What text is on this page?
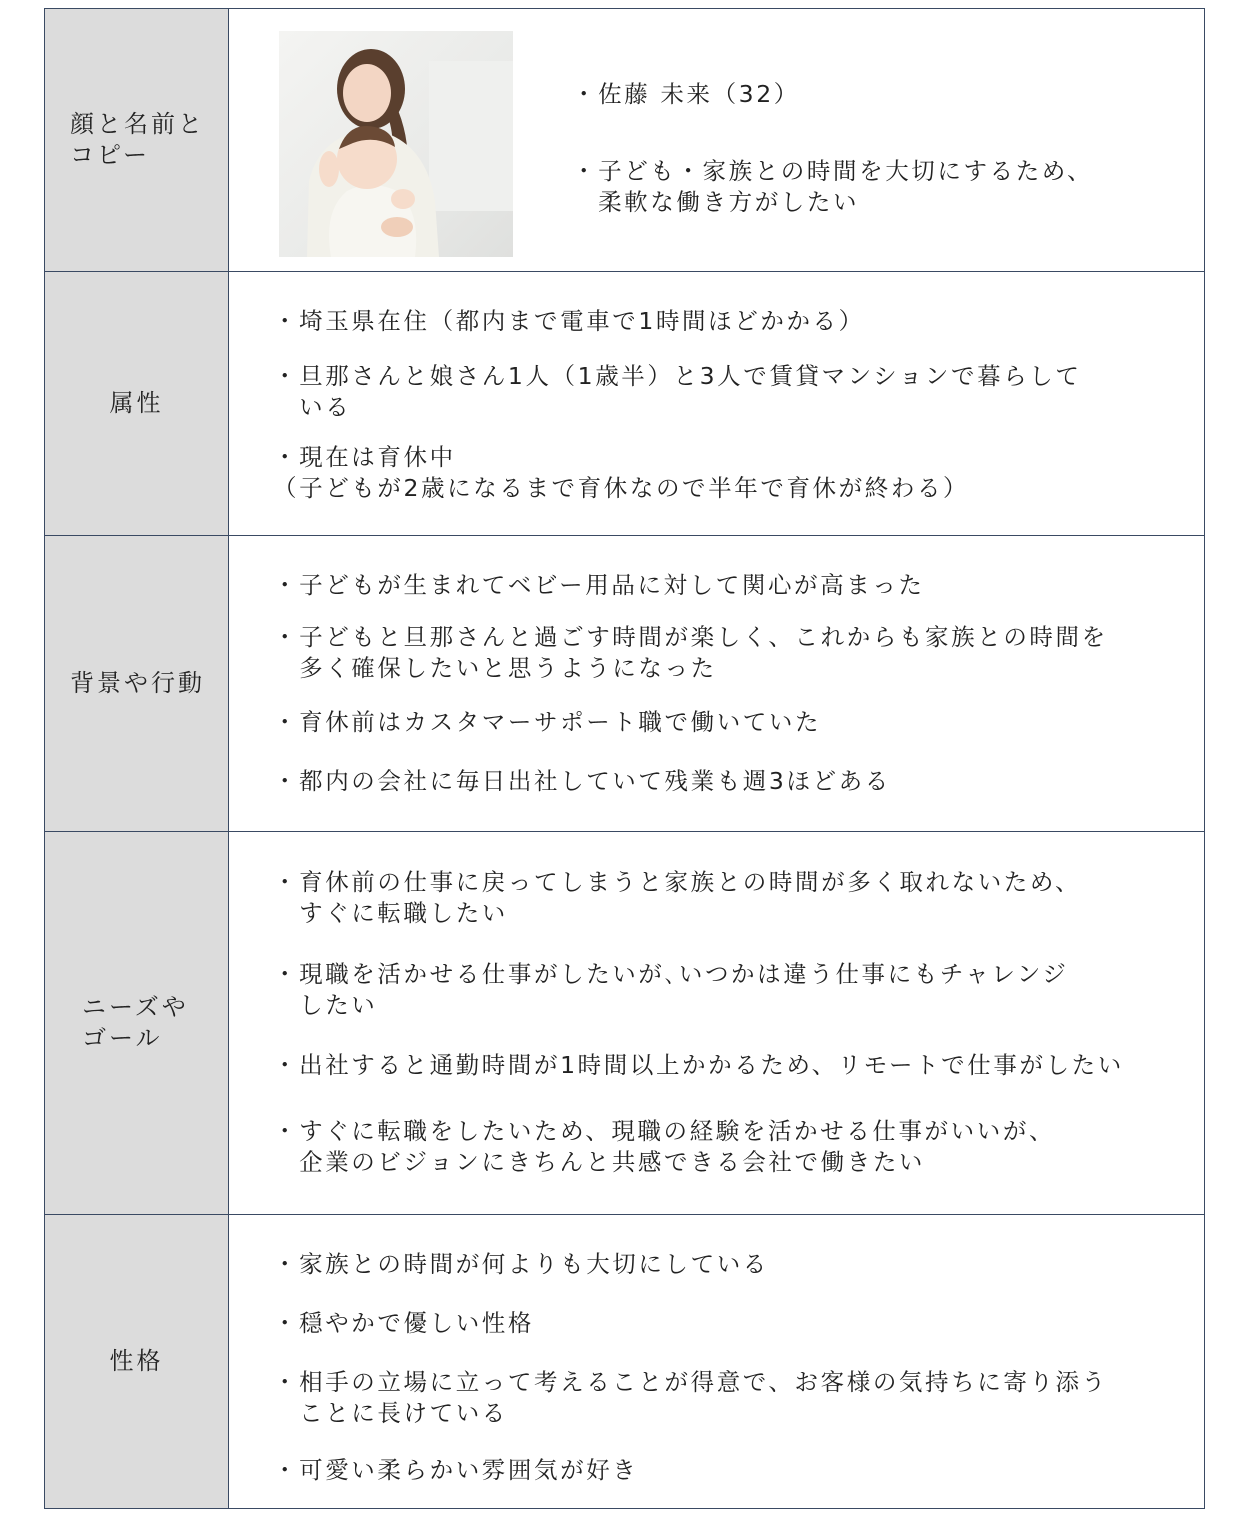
顔と名前と
コピー
・佐藤 未来（32）
・子ども・家族との時間を大切にするため、
　柔軟な働き方がしたい
属性
・埼玉県在住（都内まで電車で1時間ほどかかる）
・旦那さんと娘さん1人（1歳半）と3人で賃貸マンションで暮らして
　いる
・現在は育休中
（子どもが2歳になるまで育休なので半年で育休が終わる）
背景や行動
・子どもが生まれてベビー用品に対して関心が高まった
・子どもと旦那さんと過ごす時間が楽しく、これからも家族との時間を
　多く確保したいと思うようになった
・育休前はカスタマーサポート職で働いていた
・都内の会社に毎日出社していて残業も週3ほどある
ニーズや
ゴール
・育休前の仕事に戻ってしまうと家族との時間が多く取れないため、
　すぐに転職したい
・現職を活かせる仕事がしたいが､いつかは違う仕事にもチャレンジ
　したい
・出社すると通勤時間が1時間以上かかるため、リモートで仕事がしたい
・すぐに転職をしたいため、現職の経験を活かせる仕事がいいが、
　企業のビジョンにきちんと共感できる会社で働きたい
性格
・家族との時間が何よりも大切にしている
・穏やかで優しい性格
・相手の立場に立って考えることが得意で、お客様の気持ちに寄り添う
　ことに長けている
・可愛い柔らかい雰囲気が好き
